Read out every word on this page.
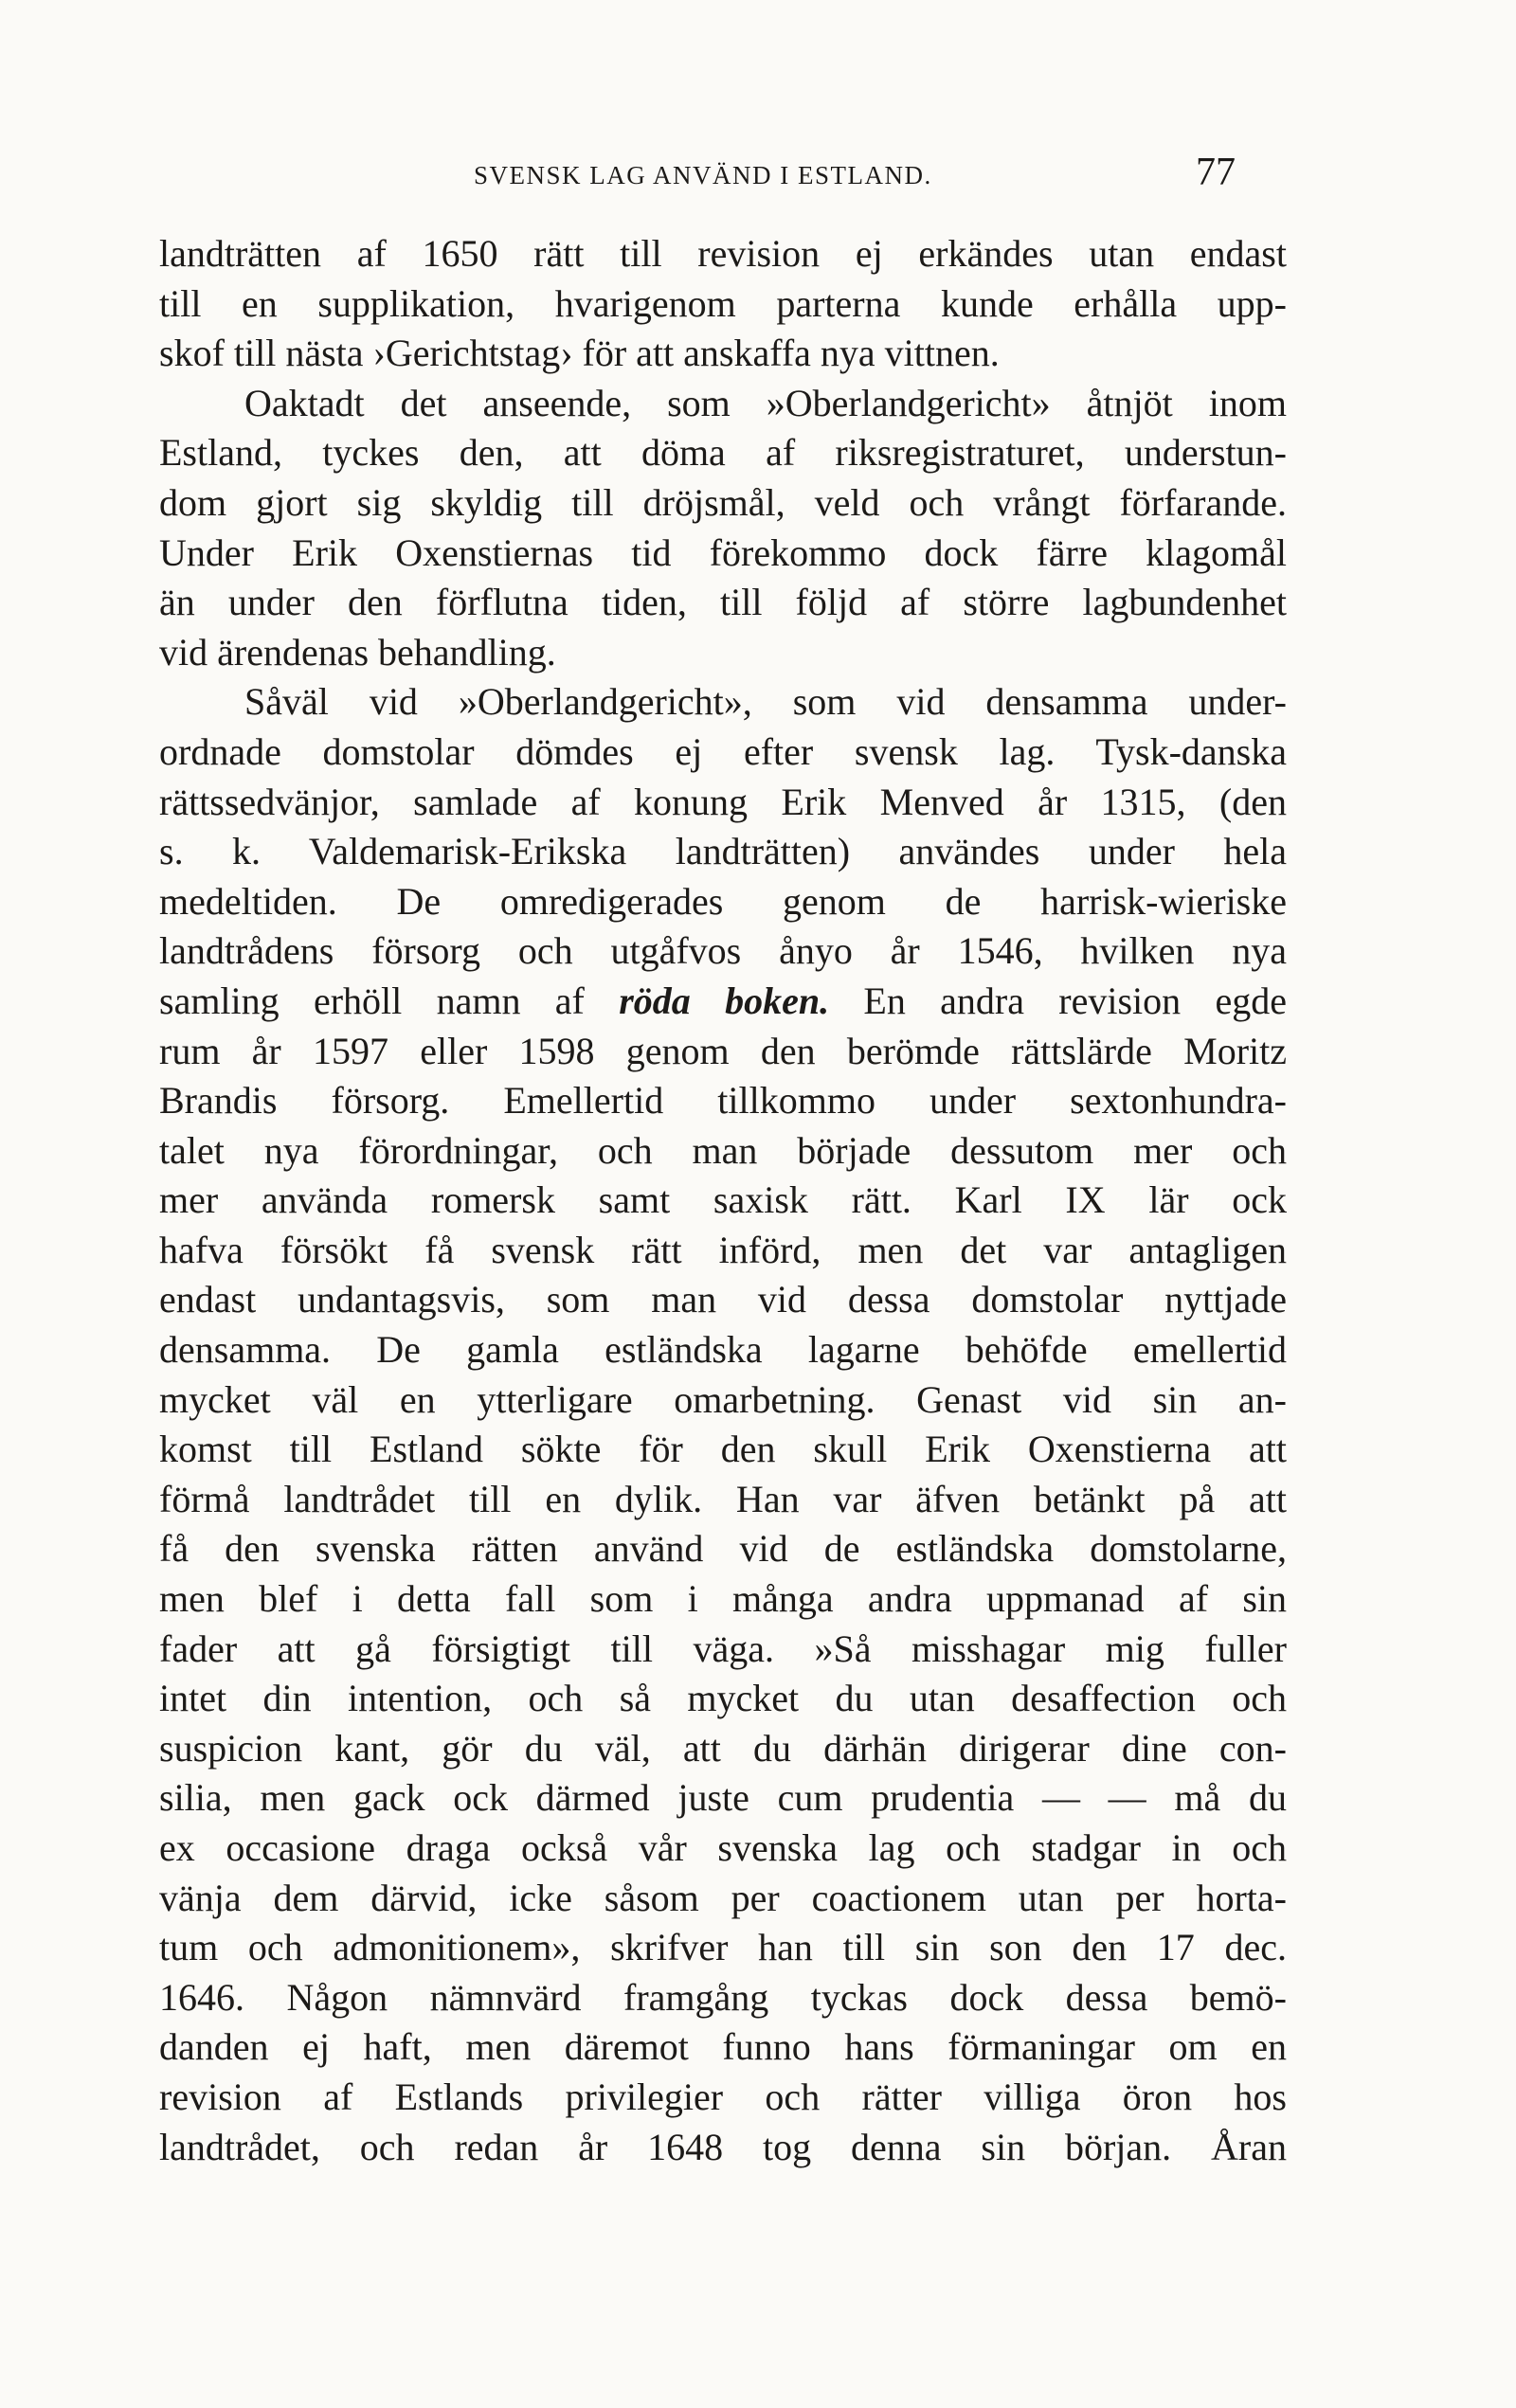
SVENSK LAG ANVÄND I ESTLAND.	77
landträtten af 1650 rätt till revision ej erkändes utan endast
till en supplikation, hvarigenom parterna kunde erhålla upp-
skof till nästa ›Gerichtstag› för att anskaffa nya vittnen.
Oaktadt det anseende, som »Oberlandgericht» åtnjöt inom
Estland, tyckes den, att döma af riksregistraturet, understun-
dom gjort sig skyldig till dröjsmål, veld och vrångt förfarande.
Under Erik Oxenstiernas tid förekommo dock färre klagomål
än under den förflutna tiden, till följd af större lagbundenhet
vid ärendenas behandling.
Såväl vid »Oberlandgericht», som vid densamma under-
ordnade domstolar dömdes ej efter svensk lag. Tysk-danska
rättssedvänjor, samlade af konung Erik Menved år 1315, (den
s. k. Valdemarisk-Erikska landträtten) användes under hela
medeltiden. De omredigerades genom de harrisk-wieriske
landtrådens försorg och utgåfvos ånyo år 1546, hvilken nya
samling erhöll namn af röda boken. En andra revision egde
rum år 1597 eller 1598 genom den berömde rättslärde Moritz
Brandis försorg. Emellertid tillkommo under sextonhundra-
talet nya förordningar, och man började dessutom mer och
mer använda romersk samt saxisk rätt. Karl IX lär ock
hafva försökt få svensk rätt införd, men det var antagligen
endast undantagsvis, som man vid dessa domstolar nyttjade
densamma. De gamla estländska lagarne behöfde emellertid
mycket väl en ytterligare omarbetning. Genast vid sin an-
komst till Estland sökte för den skull Erik Oxenstierna att
förmå landtrådet till en dylik. Han var äfven betänkt på att
få den svenska rätten använd vid de estländska domstolarne,
men blef i detta fall som i många andra uppmanad af sin
fader att gå försigtigt till väga. »Så misshagar mig fuller
intet din intention, och så mycket du utan desaffection och
suspicion kant, gör du väl, att du därhän dirigerar dine con-
silia, men gack ock därmed juste cum prudentia — — må du
ex occasione draga också vår svenska lag och stadgar in och
vänja dem därvid, icke såsom per coactionem utan per horta-
tum och admonitionem», skrifver han till sin son den 17 dec.
1646. Någon nämnvärd framgång tyckas dock dessa bemö-
danden ej haft, men däremot funno hans förmaningar om en
revision af Estlands privilegier och rätter villiga öron hos
landtrådet, och redan år 1648 tog denna sin början. Åran
